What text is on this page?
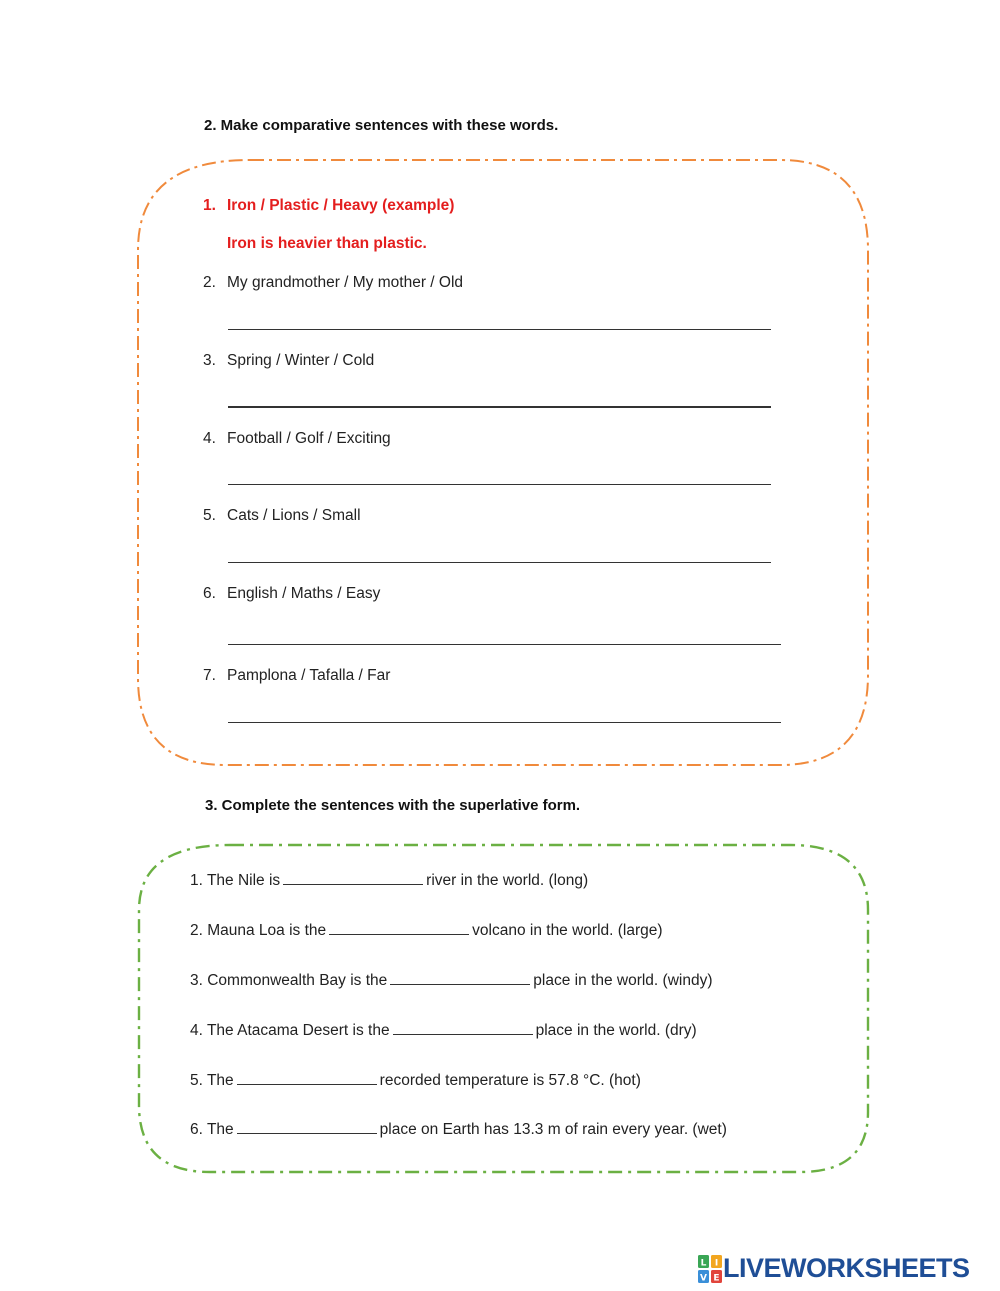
2. Make comparative sentences with these words.
1. Iron / Plastic / Heavy (example)
Iron is heavier than plastic.
2. My grandmother / My mother / Old
3. Spring / Winter / Cold
4. Football / Golf / Exciting
5. Cats / Lions / Small
6. English / Maths / Easy
7. Pamplona / Tafalla / Far
3. Complete the sentences with the superlative form.
1. The Nile is	river in the world. (long)
2. Mauna Loa is the	volcano in the world. (large)
3. Commonwealth Bay is the	place in the world. (windy)
4. The Atacama Desert is the	place in the world. (dry)
5. The	recorded temperature is 57.8 °C. (hot)
6. The	place on Earth has 13.3 m of rain every year. (wet)
L I
V E LIVEWORKSHEETS
